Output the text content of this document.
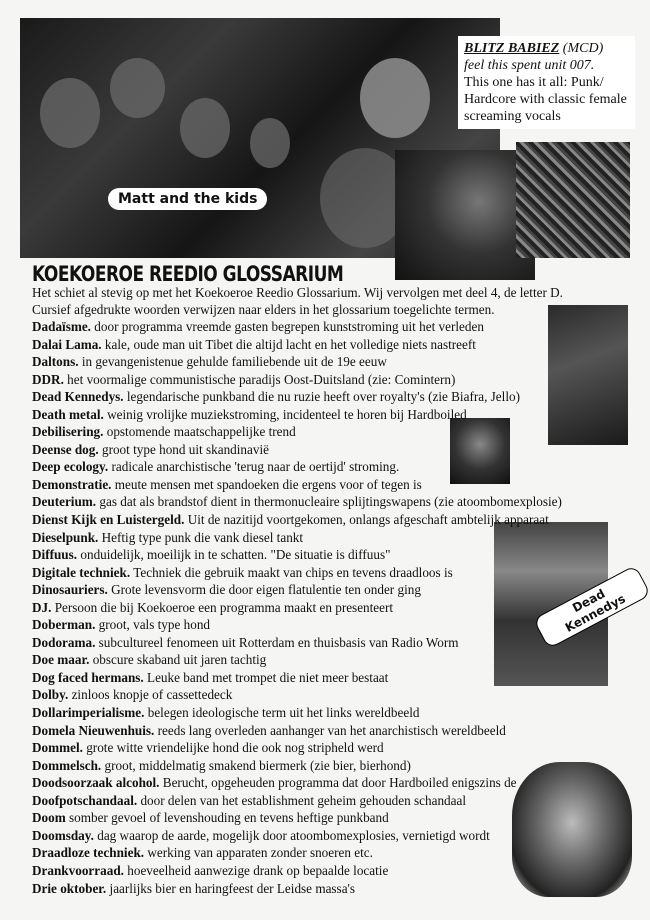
BLITZ BABIEZ (MCD)
feel this spent unit 007.
This one has it all: Punk/ Hardcore with classic female screaming vocals
Matt and the kids
Dead Kennedys
KOEKOEROE REEDIO GLOSSARIUM
Het schiet al stevig op met het Koekoeroe Reedio Glossarium. Wij vervolgen met deel 4, de letter D. Cursief afgedrukte woorden verwijzen naar elders in het glossarium toegelichte termen.
Dadaïsme. door programma vreemde gasten begrepen kunststroming uit het verleden
Dalai Lama. kale, oude man uit Tibet die altijd lacht en het volledige niets nastreeft
Daltons. in gevangenistenue gehulde familiebende uit de 19e eeuw
DDR. het voormalige communistische paradijs Oost-Duitsland (zie: Comintern)
Dead Kennedys. legendarische punkband die nu ruzie heeft over royalty's (zie Biafra, Jello)
Death metal. weinig vrolijke muziekstroming, incidenteel te horen bij Hardboiled
Debilisering. opstomende maatschappelijke trend
Deense dog. groot type hond uit skandinavië
Deep ecology. radicale anarchistische 'terug naar de oertijd' stroming.
Demonstratie. meute mensen met spandoeken die ergens voor of tegen is
Deuterium. gas dat als brandstof dient in thermonucleaire splijtingswapens (zie atoombomexplosie)
Dienst Kijk en Luistergeld. Uit de nazitijd voortgekomen, onlangs afgeschaft ambtelijk apparaat
Dieselpunk. Heftig type punk die vank diesel tankt
Diffuus. onduidelijk, moeilijk in te schatten. "De situatie is diffuus"
Digitale techniek. Techniek die gebruik maakt van chips en tevens draadloos is
Dinosauriers. Grote levensvorm die door eigen flatulentie ten onder ging
DJ. Persoon die bij Koekoeroe een programma maakt en presenteert
Doberman. groot, vals type hond
Dodorama. subcultureel fenomeen uit Rotterdam en thuisbasis van Radio Worm
Doe maar. obscure skaband uit jaren tachtig
Dog faced hermans. Leuke band met trompet die niet meer bestaat
Dolby. zinloos knopje of cassettedeck
Dollarimperialisme. belegen ideologische term uit het links wereldbeeld
Domela Nieuwenhuis. reeds lang overleden aanhanger van het anarchistisch wereldbeeld
Dommel. grote witte vriendelijke hond die ook nog stripheld werd
Dommelsch. groot, middelmatig smakend biermerk (zie bier, bierhond)
Doodsoorzaak alcohol. Berucht, opgeheuden programma dat door Hardboiled enigszins de
Doofpotschandaal. door delen van het establishment geheim gehouden schandaal
Doom somber gevoel of levenshouding en tevens heftige punkband
Doomsday. dag waarop de aarde, mogelijk door atoombomexplosies, vernietigd wordt
Draadloze techniek. werking van apparaten zonder snoeren etc.
Drankvoorraad. hoeveelheid aanwezige drank op bepaalde locatie
Drie oktober. jaarlijks bier en haringfeest der Leidse massa's
